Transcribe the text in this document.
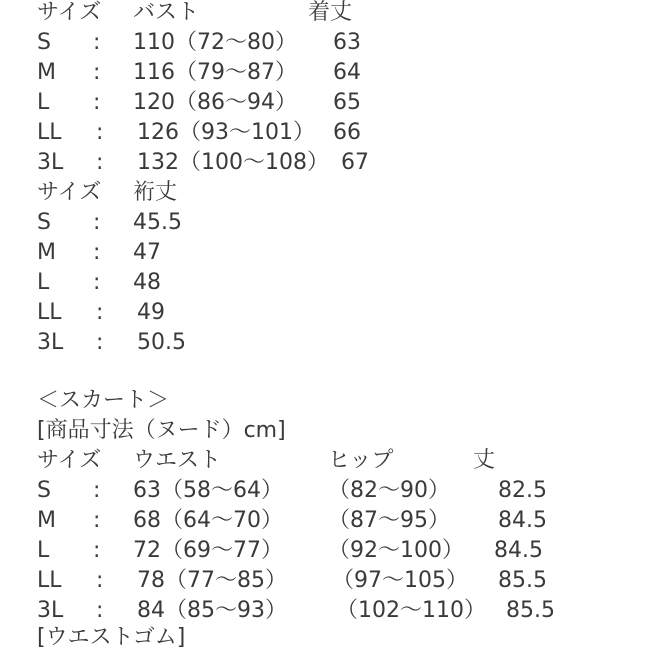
サイズ バスト	着丈
S : 110（72～80） 63
M : 116（79～87） 64
L : 120（86～94） 65
LL : 126（93～101） 66
3L : 132（100～108） 67
サイズ 裄丈
S : 45.5
M : 47
L : 48
LL : 49
3L : 50.5
＜スカート＞
[商品寸法（ヌード）cm]
サイズ ウエスト	ヒップ	丈
S : 63（58～64） （82～90） 82.5
M : 68（64～70） （87～95） 84.5
L : 72（69～77） （92～100） 84.5
LL : 78（77～85） （97～105） 85.5
3L : 84（85～93） （102～110） 85.5
[ウエストゴム]
